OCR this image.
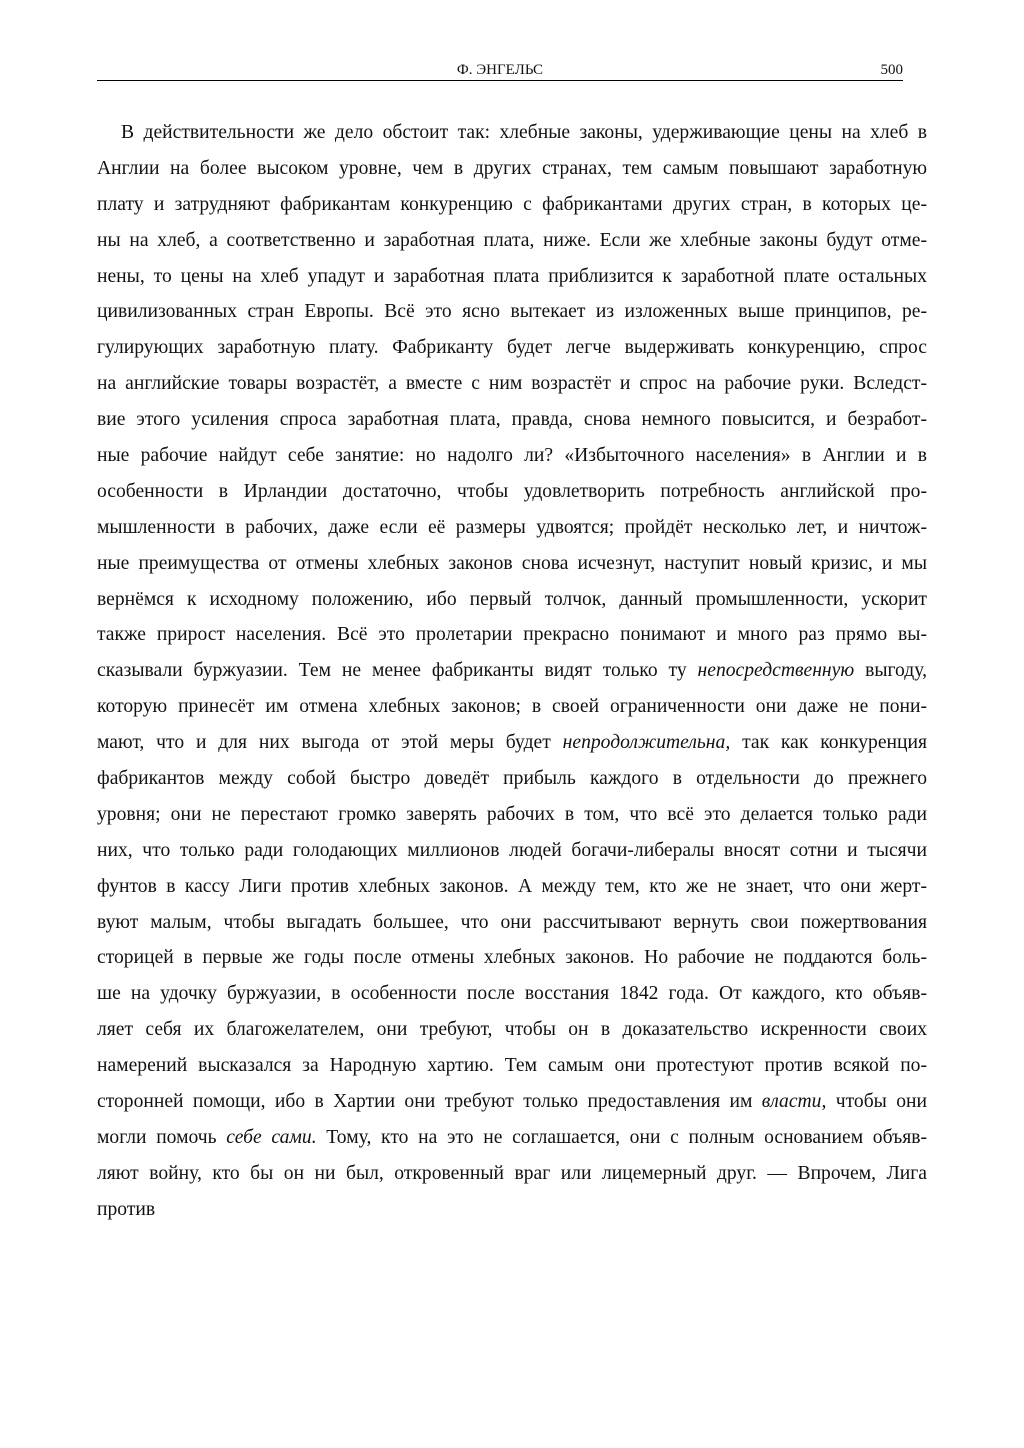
Ф. ЭНГЕЛЬС	500
В действительности же дело обстоит так: хлебные законы, удерживающие цены на хлеб в
Англии на более высоком уровне, чем в других странах, тем самым повышают заработную
плату и затрудняют фабрикантам конкуренцию с фабрикантами других стран, в которых це-
ны на хлеб, а соответственно и заработная плата, ниже. Если же хлебные законы будут отме-
нены, то цены на хлеб упадут и заработная плата приблизится к заработной плате остальных
цивилизованных стран Европы. Всё это ясно вытекает из изложенных выше принципов, ре-
гулирующих заработную плату. Фабриканту будет легче выдерживать конкуренцию, спрос
на английские товары возрастёт, а вместе с ним возрастёт и спрос на рабочие руки. Вследст-
вие этого усиления спроса заработная плата, правда, снова немного повысится, и безработ-
ные рабочие найдут себе занятие: но надолго ли? «Избыточного населения» в Англии и в
особенности в Ирландии достаточно, чтобы удовлетворить потребность английской про-
мышленности в рабочих, даже если её размеры удвоятся; пройдёт несколько лет, и ничтож-
ные преимущества от отмены хлебных законов снова исчезнут, наступит новый кризис, и мы
вернёмся к исходному положению, ибо первый толчок, данный промышленности, ускорит
также прирост населения. Всё это пролетарии прекрасно понимают и много раз прямо вы-
сказывали буржуазии. Тем не менее фабриканты видят только ту непосредственную выгоду,
которую принесёт им отмена хлебных законов; в своей ограниченности они даже не пони-
мают, что и для них выгода от этой меры будет непродолжительна, так как конкуренция
фабрикантов между собой быстро доведёт прибыль каждого в отдельности до прежнего
уровня; они не перестают громко заверять рабочих в том, что всё это делается только ради
них, что только ради голодающих миллионов людей богачи-либералы вносят сотни и тысячи
фунтов в кассу Лиги против хлебных законов. А между тем, кто же не знает, что они жерт-
вуют малым, чтобы выгадать большее, что они рассчитывают вернуть свои пожертвования
сторицей в первые же годы после отмены хлебных законов. Но рабочие не поддаются боль-
ше на удочку буржуазии, в особенности после восстания 1842 года. От каждого, кто объяв-
ляет себя их благожелателем, они требуют, чтобы он в доказательство искренности своих
намерений высказался за Народную хартию. Тем самым они протестуют против всякой по-
сторонней помощи, ибо в Хартии они требуют только предоставления им власти, чтобы они
могли помочь себе сами. Тому, кто на это не соглашается, они с полным основанием объяв-
ляют войну, кто бы он ни был, откровенный враг или лицемерный друг. — Впрочем, Лига
против
